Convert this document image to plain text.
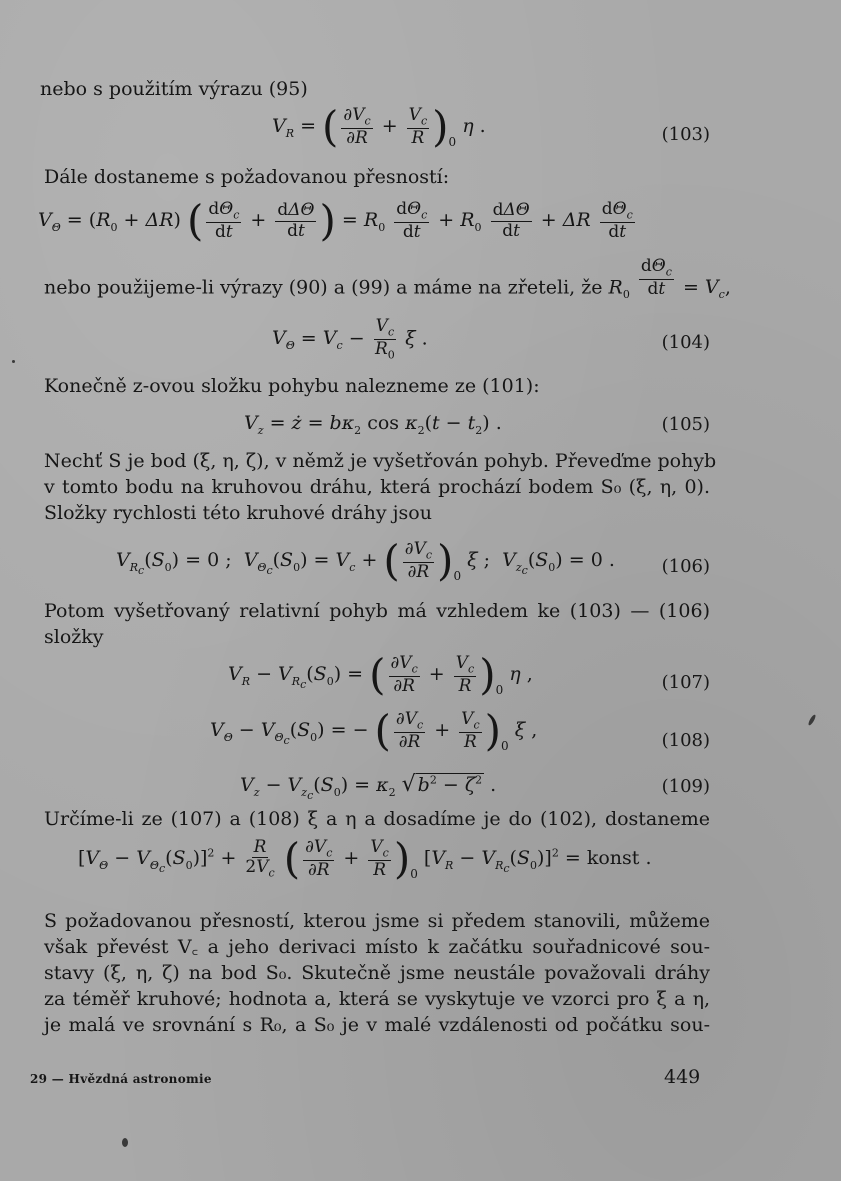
nebo s použitím výrazu (95)
$V_R$ = ( $\frac{\partial V_c}{\partial R} + \frac{V_c}{R} )_0$ η .	(103)
Dále dostaneme s požadovanou přesností:
$V_\Theta = (R_0 + \Delta R)$ ( $\frac{d\Theta_c}{dt} + \frac{\text{dΔΘ}}{dt}$ ) = $R_0 \frac{d\Theta_c}{dt} + R_0 \frac{\text{dΔΘ}}{dt} + \Delta R \frac{d\Theta_c}{dt}$
nebo použijeme-li výrazy (90) a (99) a máme na zřeteli, že $R_0 \frac{d\Theta_c}{dt} = V_c$,
$V_\Theta = V_c - \frac{V_c}{R_0}$ ξ .	(104)
Konečně z-ovou složku pohybu nalezneme ze (101):
$V_z$ = ż = $b\kappa_2$ $\cos \kappa_2(t - t_2)$ .	(105)
Nechť S je bod (ξ, η, ζ), v němž je vyšetřován pohyb. Převeďme pohyb
v tomto bodu na kruhovou dráhu, která prochází bodem S₀ (ξ, η, 0).
Složky rychlosti této kruhové dráhy jsou
$V_{R_c}(S_0) = 0$ ;  $V_{\Theta_c}(S_0) = V_c$ + ( $\frac{\partial V_c}{\partial R} )_0$ ξ ;  $V_{z_c}(S_0) = 0$ .	(106)
Potom vyšetřovaný relativní pohyb má vzhledem ke (103) — (106)
složky
$V_R - V_{R_c}(S_0)$ = ( $\frac{\partial V_c}{\partial R} + \frac{V_c}{R} )_0$ η ,	(107)
$V_\Theta - V_{\Theta_c}(S_0)$ = − ( $\frac{\partial V_c}{\partial R} + \frac{V_c}{R} )_0$ ξ ,	(108)
$V_z - V_{z_c}(S_0) = \kappa_2$ √ $b^2 - \zeta^2$ .	(109)
Určíme-li ze (107) a (108) ξ a η a dosadíme je do (102), dostaneme
$[V_\Theta - V_{\Theta_c}(S_0)]^2 + \frac{R}{2V_c}$ ( $\frac{\partial V_c}{\partial R} + \frac{V_c}{R} )_0$ $[V_R - V_{R_c}(S_0)]^2$ = konst .
S požadovanou přesností, kterou jsme si předem stanovili, můžeme
však převést V꜀ a jeho derivaci místo k začátku souřadnicové sou-
stavy (ξ, η, ζ) na bod S₀. Skutečně jsme neustále považovali dráhy
za téměř kruhové; hodnota a, která se vyskytuje ve vzorci pro ξ a η,
je malá ve srovnání s R₀, a S₀ je v malé vzdálenosti od počátku sou-
29 — Hvězdná astronomie	449
